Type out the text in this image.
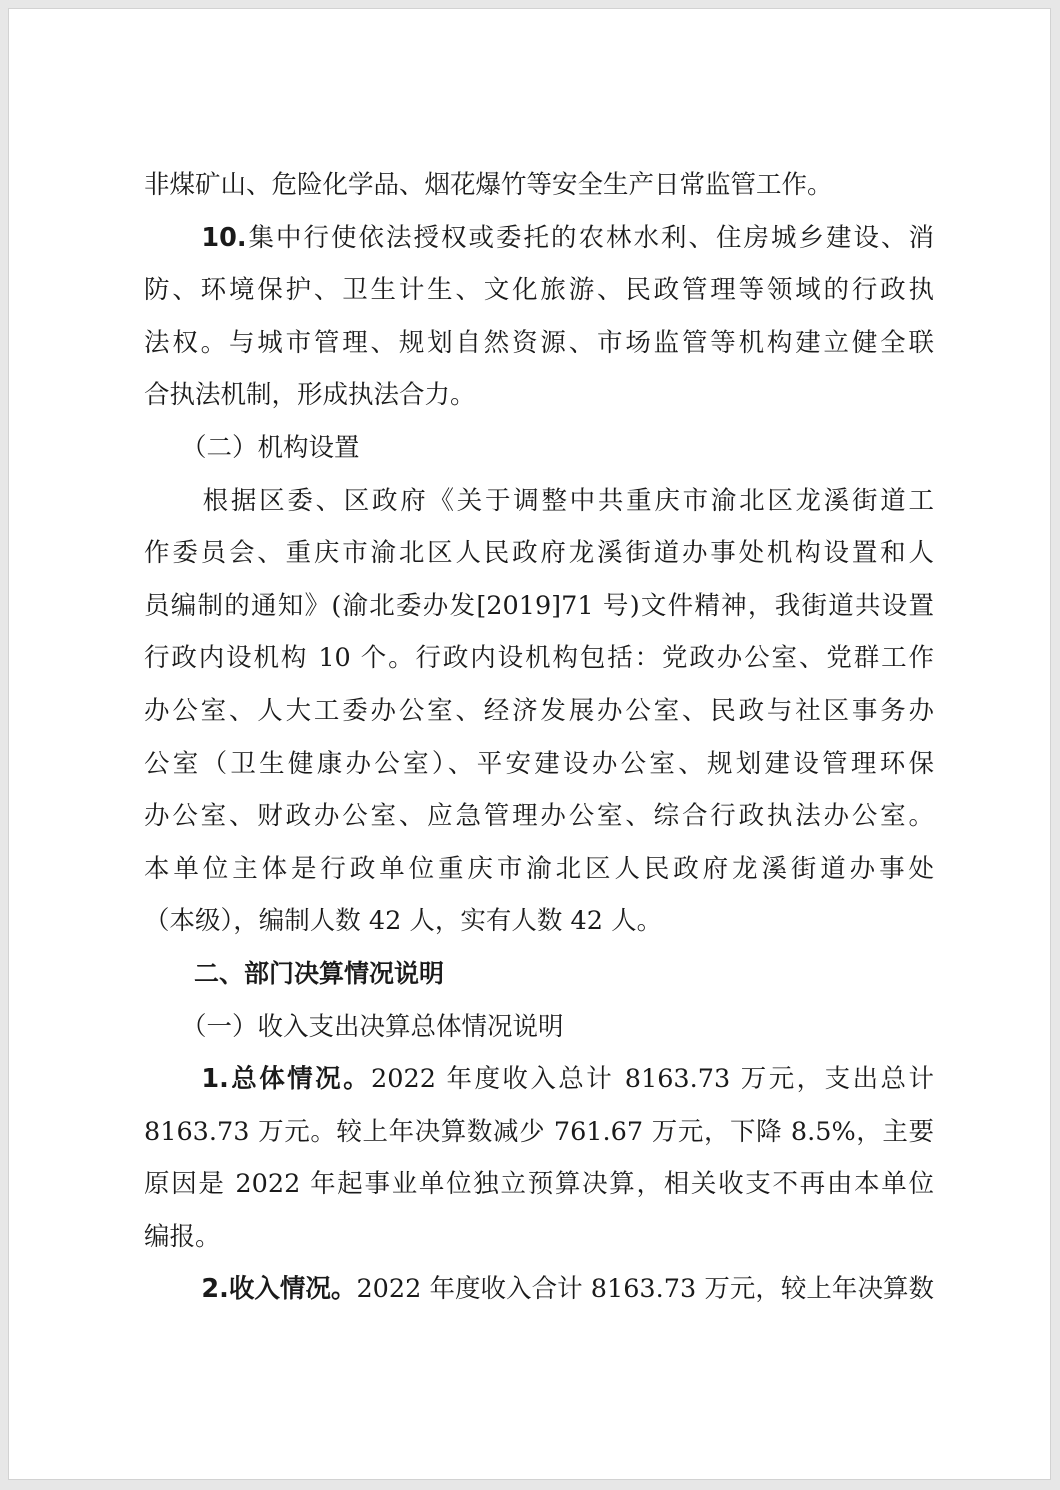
非煤矿山、危险化学品、烟花爆竹等安全生产日常监管工作。

10.集中行使依法授权或委托的农林水利、住房城乡建设、消
防、环境保护、卫生计生、文化旅游、民政管理等领域的行政执
法权。与城市管理、规划自然资源、市场监管等机构建立健全联
合执法机制，形成执法合力。

（二）机构设置

根据区委、区政府《关于调整中共重庆市渝北区龙溪街道工
作委员会、重庆市渝北区人民政府龙溪街道办事处机构设置和人
员编制的通知》(渝北委办发[2019]71 号)文件精神，我街道共设置
行政内设机构 10 个。行政内设机构包括：党政办公室、党群工作
办公室、人大工委办公室、经济发展办公室、民政与社区事务办
公室（卫生健康办公室）、平安建设办公室、规划建设管理环保
办公室、财政办公室、应急管理办公室、综合行政执法办公室。
本单位主体是行政单位重庆市渝北区人民政府龙溪街道办事处
（本级），编制人数 42 人，实有人数 42 人。

二、部门决算情况说明

（一）收入支出决算总体情况说明

1.总体情况。2022 年度收入总计 8163.73 万元，支出总计
8163.73 万元。较上年决算数减少 761.67 万元，下降 8.5%，主要
原因是 2022 年起事业单位独立预算决算，相关收支不再由本单位
编报。

2.收入情况。2022 年度收入合计 8163.73 万元，较上年决算数
